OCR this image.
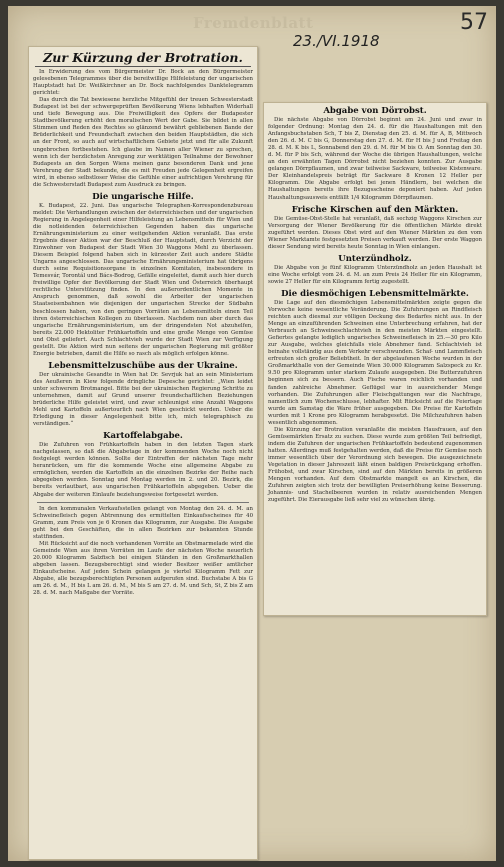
57
Fremdenblatt
23./VI.1918
Zur Kürzung der Brotration.
In Erwiderung des vom Bürgermeister Dr. Bock an den Bürgermeister gelesebenen Telegrammes über die bereitwillige Hilfeleistung der ungarischen Hauptstadt hat Dr. Weißkirchner an Dr. Bock nachfolgendes Danktelegramm gerichtet:
Das durch die Tat bewiesene herzliche Mitgefühl der treuen Schwesterstadt Budapest ist bei der schwergeprüften Bevölkerung Wiens lebhaften Widerhall und tiefe Bewegung aus. Die Freiwilligkeit des Opfers der Budapester Stadtbevölkerung erhöht den moralischen Wert der Gabe. Sie bildet in allen Stimmen und Reden des Rechtes so glänzend bewährt gebliebenen Bande der Brüderlichkeit und Freundschaft zwischen den beiden Hauptstädten, die sich an der Front, so auch auf wirtschaftlichem Gebiete jetzt und für alle Zukunft ungebrochen fortbestehen. Ich glaube im Namen aller Wiener zu sprechen, wenn ich der herzlichsten Anregung zur werktätigen Teilnahme der Bewohner Budapests an den Sorgen Wiens meinen ganz besonderen Dank und jene Verehrung der Stadt bekunde, die es mit Freuden jede Gelegenheit ergreifen wird, in ebenso selbstloser Weise die Gefühle einer aufrichtigen Verehrung für die Schwesterstadt Budapest zum Ausdruck zu bringen.
Die ungarische Hilfe.
K. Budapest, 22. Juni. Das ungarische Telegraphen-Korrespondenzbureau meldet: Die Verhandlungen zwischen der österreichischen und der ungarischen Regierung in Angelegenheit einer Hilfeleistung an Lebensmitteln für Wien und die notleidenden österreichischen Gegenden haben das ungarische Ernährungsministerium zu einer weitgehenden Aktion veranlaßt. Das erste Ergebnis dieser Aktion war der Beschluß der Hauptstadt, durch Verzicht der Einwohner von Budapest der Stadt Wien 30 Waggons Mehl zu überlassen. Diesem Beispiel folgend haben sich in kürzester Zeit auch andere Städte Ungarns angeschlossen. Das ungarische Ernährungsministerium hat übrigens durch seine Requisitionsorgane in einzelnen Komitaten, insbesondere in Temesvár, Torontál und Bács-Bodrog, Gefälle eingeleitet, damit auch hier durch freiwillige Opfer der Bevölkerung der Stadt Wien und Österreich überhaupt rechtliche Unterstützung finden. In den außerordentlichen Momente in Anspruch genommen, daß sowohl die Arbeiter der ungarischen Staatseisenbahnen wie diejenigen der ungarischen Strecke der Südbahn beschlossen haben, von den geringen Vorräten an Lebensmitteln einen Teil ihren österreichischen Kollegen zu überlassen. Nachdem nun aber durch das ungarische Ernährungsministerium, um der dringendsten Not abzuhelfen, bereits 22.000 Hektoliter Frühkartoffeln und eine große Menge von Gemüse und Obst geliefert. Auch Schlachtvieh wurde der Stadt Wien zur Verfügung gestellt. Die Aktion wird nun seitens der ungarischen Regierung mit größter Energie betrieben, damit die Hilfe so rasch als möglich erfolgen könne.
Lebensmittelzuschübe aus der Ukraine.
Der ukrainische Gesandte in Wien hat Dr. Sevrjuk hat an sein Ministerium des Aeußeren in Kiew folgende dringliche Depesche gerichtet: „Wien leidet unter schwerem Brotmangel. Bitte bei der ukrainischen Regierung Schritte zu unternehmen, damit auf Grund unserer freundschaftlichen Beziehungen brüderliche Hilfe geleistet wird, und zwar schleunigst eine Anzahl Waggons Mehl und Kartoffeln außertourlich nach Wien geschickt werden. Ueber die Erledigung in dieser Angelegenheit bitte ich, mich telegraphisch zu verständigen.“
Kartoffelabgabe.
Die Zufuhren von Frühkartoffeln haben in den letzten Tagen stark nachgelassen, so daß die Abgabetage in der kommenden Woche noch nicht festgelegt werden können. Sollte der Eintreffen der nächsten Tage mehr heranrücken, um für die kommende Woche eine allgemeine Abgabe zu ermöglichen, werden die Kartoffeln an die einzelnen Bezirke der Reihe nach abgegeben werden. Sonntag und Montag werden im 2. und 20. Bezirk, die bereits verlautbart, aus ungarischen Frühkartoffeln abgegeben. Ueber die Abgabe der weiteren Einlaufe beziehungsweise fortgesetzt werden.
In den kommunalen Verkaufsstellen gelangt von Montag den 24. d. M. an Schweinefleisch gegen Abtrennung des ermittelten Einkaufsscheines für 40 Gramm, zum Preis von je 6 Kronen das Kilogramm, zur Ausgabe. Die Ausgabe geht bei den Geschäften, die in allen Bezirken zur bekannten Stunde stattfinden.
Mit Rücksicht auf die noch vorhandenen Vorräte an Obstmarmelade wird die Gemeinde Wien aus ihren Vorräten im Laufe der nächsten Woche neuerlich 20.000 Kilogramm Salzfisch bei einigen Ständen in den Großmarkthallen abgeben lassen. Bezugsberechtigt sind wieder Besitzer weißer amtlicher Einkaufscheine. Auf jeden Schein gelangen je viertel Kilogramm Fett zur Abgabe, alle bezugsberechtigten Personen aufgerufen sind. Buchstabe A bis G am 26. d. M., H bis L am 26. d. M., M bis S am 27. d. M. und Sch, St, Z bis Z am 28. d. M. nach Maßgabe der Vorräte.
Abgabe von Dörrobst.
Die nächste Abgabe von Dörrobst beginnt am 24. Juni und zwar in folgender Ordnung: Montag den 24. d. für die Haushaltungen mit den Anfangsbuchstaben Sch, T bis Z, Dienstag den 25. d. M. für A, B, Mittwoch den 26. d. M. C bis G, Donnerstag den 27. d. M. für H bis J und Freitag den 28. d. M. K bis L, Sonnabend den 29. d. M. für M bis O. Am Sonntag den 30. d. M. für P bis Sch, während der Woche die übrigen Haushaltungen, welche an den erwähnten Tagen Dörrobst nicht beziehen konnten. Zur Ausgabe gelangen Dörrpflaumen, und zwar teilweise Sackware, teilweise Kistenware. Der Kleinhandelspreis beträgt für Sackware 8 Kronen 12 Heller per Kilogramm. Die Abgabe erfolgt bei jenen Händlern, bei welchen die Haushaltungen bereits ihre Bezugsscheine deponiert haben. Auf jeden Haushaltungsausweis entfällt 1/4 Kilogramm Dörrpflaumen.
Frische Kirschen auf den Märkten.
Die Gemüse-Obst-Stelle hat veranlaßt, daß sechzig Waggons Kirschen zur Versorgung der Wiener Bevölkerung für die öffentlichen Märkte direkt zugeführt werden. Dieses Obst wird auf den Wiener Märkten zu den vom Wiener Marktamte festgesetzten Preisen verkauft werden. Der erste Waggon dieser Sendung wird bereits heute Sonntag in Wien einlangen.
Unterzündholz.
Die Abgabe von je fünf Kilogramm Unterzündholz an jeden Haushalt ist eine Woche erfolgt vom 24. d. M. an zum Preis 24 Heller für ein Kilogramm, sowie 27 Heller für ein Kilogramm fertig zugestellt.
Die diesmöchigen Lebensmittelmärkte.
Die Lage auf den diesmöchigen Lebensmittelmärkten zeigte gegen die Vorwoche keine wesentliche Veränderung. Die Zufuhrungen an Rindfleisch reichten auch diesmal zur völligen Deckung des Bedarfes nicht aus. In der Menge an einzuführenden Schweinen eine Unterbrechung erfahren, hat der Verbrauch an Schweineschlachtvieh in den meisten Märkten eingestellt. Gefiertes gelangte lediglich ungarisches Schweinefleisch in 25.—30 pro Kilo zur Ausgabe, welches gleichfalls viele Abnehmer fand. Schlachtvieh ist beinahe vollständig aus dem Verkehr verschwunden. Schaf- und Lammfleisch erfreuten sich großer Beliebtheit. In der abgelaufenen Woche wurden in der Großmarkthalle von der Gemeinde Wien 30.000 Kilogramm Salzspeck zu Kr. 9.50 pro Kilogramm unter starkem Zulaufe ausgegeben. Die Butterzufuhren beginnen sich zu bessern. Auch Fische waren reichlich vorhanden und fanden zahlreiche Abnehmer. Geflügel war in ausreichender Menge vorhanden. Die Zufuhrungen aller Fleischgattungen war die Nachfrage, namentlich zum Wochenschlusse, lebhafter. Mit Rücksicht auf die Feiertage wurde am Samstag die Ware früher ausgegeben. Die Preise für Kartoffeln wurden mit 1 Krone pro Kilogramm herabgesetzt. Die Milchzufuhren haben wesentlich abgenommen.
Die Kürzung der Brotration veranlaßte die meisten Hausfrauen, auf den Gemüsemärkten Ersatz zu suchen. Diese wurde zum größten Teil befriedigt, indem die Zufuhren der ungarischen Frühkartoffeln bedeutend zugenommen hatten. Allerdings muß festgehalten werden, daß die Preise für Gemüse noch immer wesentlich über der Verordnung sich bewegen. Die ausgezeichnete Vegetation in dieser Jahreszeit läßt einen baldigen Preisrückgang erhoffen. Frühobst, und zwar Kirschen, sind auf den Märkten bereits in größeren Mengen vorhanden. Auf dem Obstmarkte mangelt es an Kirschen, die Zufuhren zeigten sich trotz der bewilligten Preiserhöhung keine Besserung. Johannis- und Stachelbeeren wurden in relativ ausreichenden Mengen zugeführt. Die Eierausgabe ließ sehr viel zu wünschen übrig.
